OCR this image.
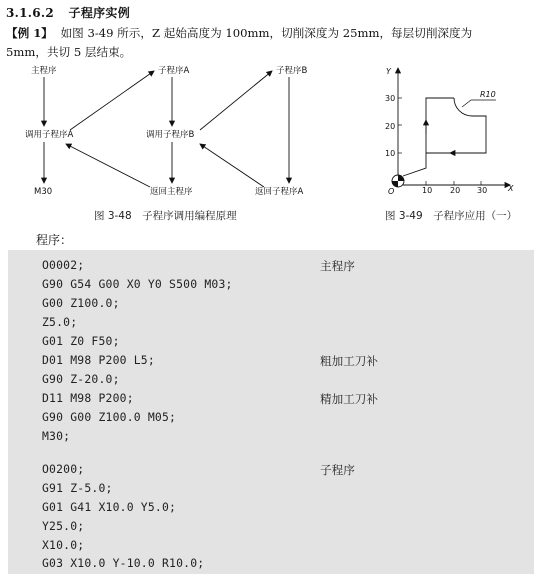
3.1.6.2 子程序实例
【例 1】 如图 3-49 所示，Z 起始高度为 100mm，切削深度为 25mm，每层切削深度为
5mm，共切 5 层结束。
主程序
调用子程序A
M30
子程序A
调用子程序B
返回主程序
子程序B
返回子程序A
Y
X
O
30
20
10
10 20 30
R10
图 3-48　子程序调用编程原理	图 3-49　子程序应用（一）
程序：
O0002;	主程序
G90 G54 G00 X0 Y0 S500 M03;
G00 Z100.0;
Z5.0;
G01 Z0 F50;
D01 M98 P200 L5;	粗加工刀补
G90 Z-20.0;
D11 M98 P200;	精加工刀补
G90 G00 Z100.0 M05;
M30;
O0200;	子程序
G91 Z-5.0;
G01 G41 X10.0 Y5.0;
Y25.0;
X10.0;
G03 X10.0 Y-10.0 R10.0;
